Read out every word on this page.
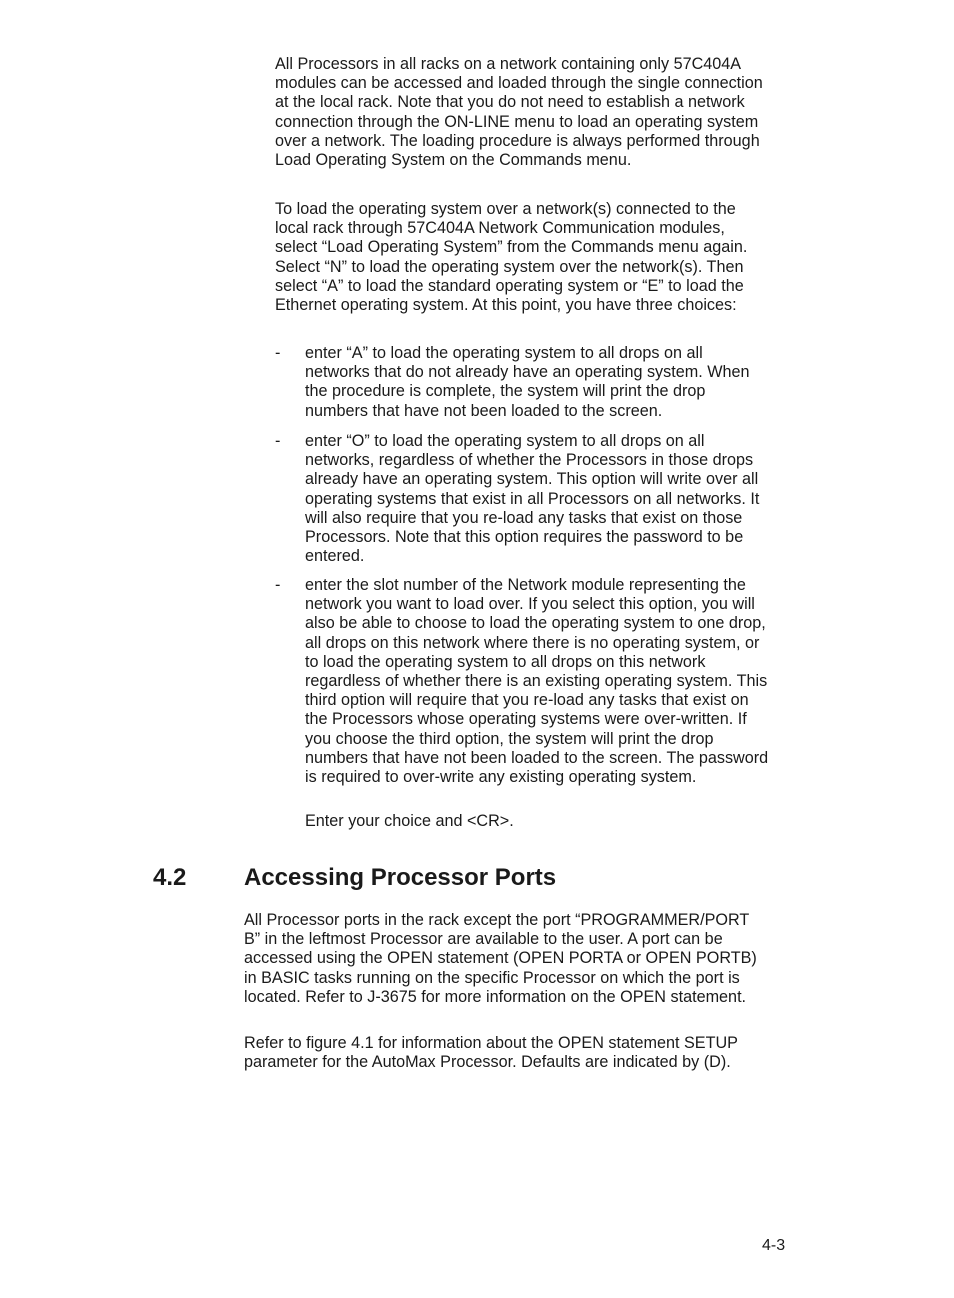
All Processors in all racks on a network containing only 57C404A modules can be accessed and loaded through the single connection at the local rack. Note that you do not need to establish a network connection through the ON-LINE menu to load an operating system over a network. The loading procedure is always performed through Load Operating System on the Commands menu.

To load the operating system over a network(s) connected to the local rack through 57C404A Network Communication modules, select “Load Operating System” from the Commands menu again. Select “N” to load the operating system over the network(s). Then select “A” to load the standard operating system or “E” to load the Ethernet operating system. At this point, you have three choices:

- enter “A” to load the operating system to all drops on all networks that do not already have an operating system. When the procedure is complete, the system will print the drop numbers that have not been loaded to the screen.
- enter “O” to load the operating system to all drops on all networks, regardless of whether the Processors in those drops already have an operating system. This option will write over all operating systems that exist in all Processors on all networks. It will also require that you re-load any tasks that exist on those Processors. Note that this option requires the password to be entered.
- enter the slot number of the Network module representing the network you want to load over. If you select this option, you will also be able to choose to load the operating system to one drop, all drops on this network where there is no operating system, or to load the operating system to all drops on this network regardless of whether there is an existing operating system. This third option will require that you re-load any tasks that exist on the Processors whose operating systems were over-written. If you choose the third option, the system will print the drop numbers that have not been loaded to the screen. The password is required to over-write any existing operating system.

Enter your choice and <CR>.

4.2 Accessing Processor Ports

All Processor ports in the rack except the port “PROGRAMMER/PORT B” in the leftmost Processor are available to the user. A port can be accessed using the OPEN statement (OPEN PORTA or OPEN PORTB) in BASIC tasks running on the specific Processor on which the port is located. Refer to J-3675 for more information on the OPEN statement.

Refer to figure 4.1 for information about the OPEN statement SETUP parameter for the AutoMax Processor. Defaults are indicated by (D).

4-3
